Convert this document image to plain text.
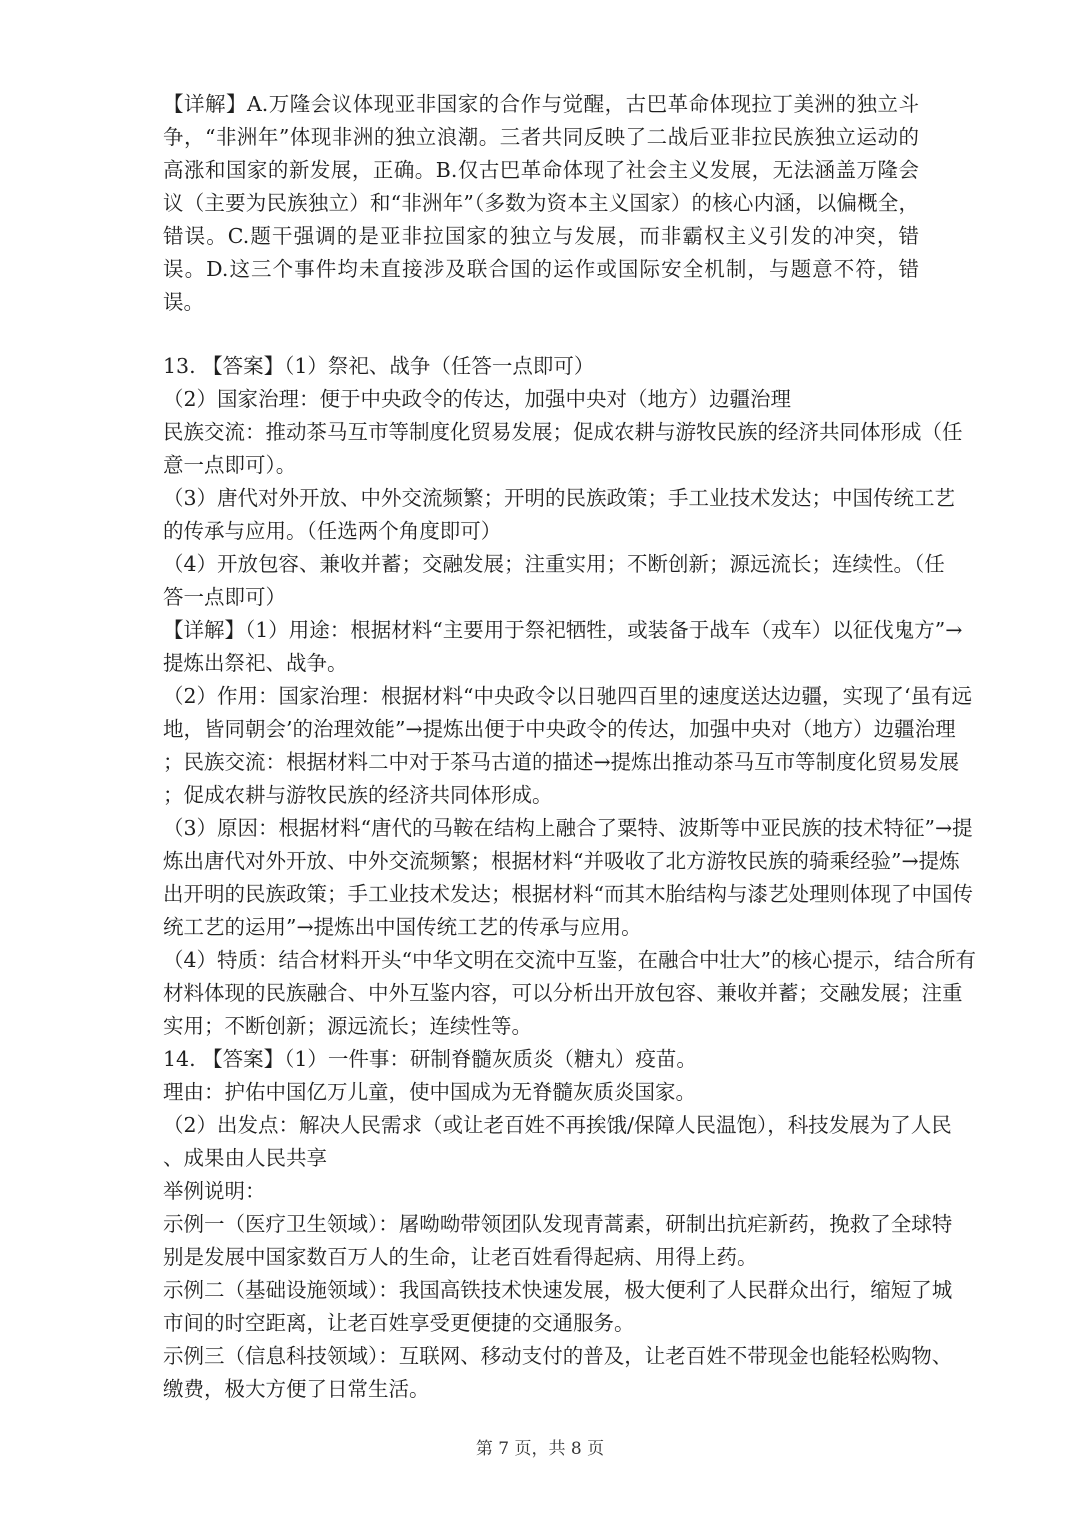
【详解】A.万隆会议体现亚非国家的合作与觉醒，古巴革命体现拉丁美洲的独立斗争，“非洲年”体现非洲的独立浪潮。三者共同反映了二战后亚非拉民族独立运动的高涨和国家的新发展，正确。B.仅古巴革命体现了社会主义发展，无法涵盖万隆会议（主要为民族独立）和“非洲年”（多数为资本主义国家）的核心内涵，以偏概全，错误。C.题干强调的是亚非拉国家的独立与发展，而非霸权主义引发的冲突，错误。D.这三个事件均未直接涉及联合国的运作或国际安全机制，与题意不符，错误。

13. 【答案】（1）祭祀、战争（任答一点即可）

（2）国家治理：便于中央政令的传达，加强中央对（地方）边疆治理

民族交流：推动茶马互市等制度化贸易发展；促成农耕与游牧民族的经济共同体形成（任

意一点即可）。

（3）唐代对外开放、中外交流频繁；开明的民族政策；手工业技术发达；中国传统工艺

的传承与应用。（任选两个角度即可）

（4）开放包容、兼收并蓄；交融发展；注重实用；不断创新；源远流长；连续性。（任

答一点即可）

【详解】（1）用途：根据材料“主要用于祭祀牺牲，或装备于战车（戎车）以征伐鬼方”→

提炼出祭祀、战争。

（2）作用：国家治理：根据材料“中央政令以日驰四百里的速度送达边疆，实现了‘虽有远

地，皆同朝会’的治理效能”→提炼出便于中央政令的传达，加强中央对（地方）边疆治理

；民族交流：根据材料二中对于茶马古道的描述→提炼出推动茶马互市等制度化贸易发展

；促成农耕与游牧民族的经济共同体形成。

（3）原因：根据材料“唐代的马鞍在结构上融合了粟特、波斯等中亚民族的技术特征”→提

炼出唐代对外开放、中外交流频繁；根据材料“并吸收了北方游牧民族的骑乘经验”→提炼

出开明的民族政策；手工业技术发达；根据材料“而其木胎结构与漆艺处理则体现了中国传

统工艺的运用”→提炼出中国传统工艺的传承与应用。

（4）特质：结合材料开头“中华文明在交流中互鉴，在融合中壮大”的核心提示，结合所有

材料体现的民族融合、中外互鉴内容，可以分析出开放包容、兼收并蓄；交融发展；注重

实用；不断创新；源远流长；连续性等。

14. 【答案】（1）一件事：研制脊髓灰质炎（糖丸）疫苗。

理由：护佑中国亿万儿童，使中国成为无脊髓灰质炎国家。

（2）出发点：解决人民需求（或让老百姓不再挨饿/保障人民温饱），科技发展为了人民

、成果由人民共享

举例说明：

示例一（医疗卫生领域）：屠呦呦带领团队发现青蒿素，研制出抗疟新药，挽救了全球特

别是发展中国家数百万人的生命，让老百姓看得起病、用得上药。

示例二（基础设施领域）：我国高铁技术快速发展，极大便利了人民群众出行，缩短了城

市间的时空距离，让老百姓享受更便捷的交通服务。

示例三（信息科技领域）：互联网、移动支付的普及，让老百姓不带现金也能轻松购物、

缴费，极大方便了日常生活。

第 7 页，共 8 页
